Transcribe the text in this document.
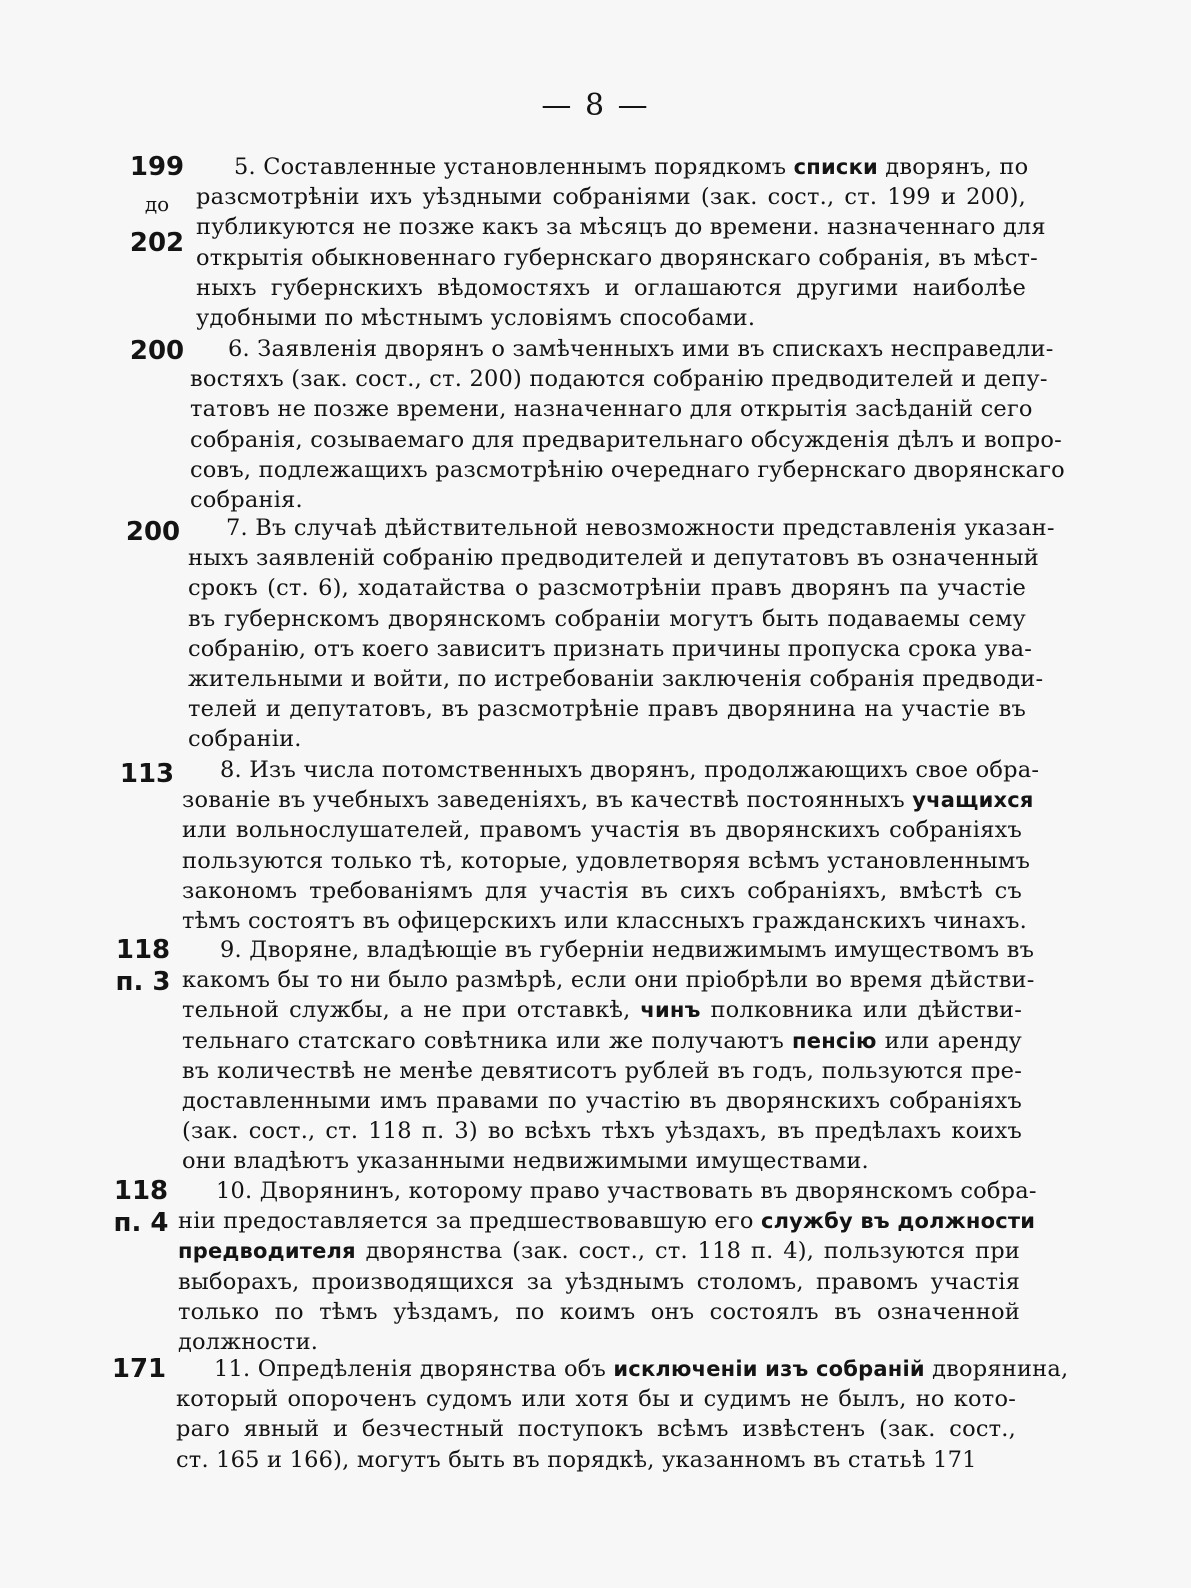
— 8 —
199
до
202
5. Составленные установленнымъ порядкомъ списки дворянъ, по
разсмотрѣніи ихъ уѣздными собраніями (зак. сост., ст. 199 и 200),
публикуются не позже какъ за мѣсяцъ до времени. назначеннаго для
открытія обыкновеннаго губернскаго дворянскаго собранія, въ мѣст-
ныхъ губернскихъ вѣдомостяхъ и оглашаются другими наиболѣе
удобными по мѣстнымъ условіямъ способами.
200	6. Заявленія дворянъ о замѣченныхъ ими въ спискахъ несправедли-
востяхъ (зак. сост., ст. 200) подаются собранію предводителей и депу-
татовъ не позже времени, назначеннаго для открытія засѣданій сего
собранія, созываемаго для предварительнаго обсужденія дѣлъ и вопро-
совъ, подлежащихъ разсмотрѣнію очереднаго губернскаго дворянскаго
собранія.
200	7. Въ случаѣ дѣйствительной невозможности представленія указан-
ныхъ заявленій собранію предводителей и депутатовъ въ означенный
срокъ (ст. 6), ходатайства о разсмотрѣніи правъ дворянъ па участіе
въ губернскомъ дворянскомъ собраніи могутъ быть подаваемы сему
собранію, отъ коего зависитъ признать причины пропуска срока ува-
жительными и войти, по истребованіи заключенія собранія предводи-
телей и депутатовъ, въ разсмотрѣніе правъ дворянина на участіе въ
собраніи.
113	8. Изъ числа потомственныхъ дворянъ, продолжающихъ свое обра-
зованіе въ учебныхъ заведеніяхъ, въ качествѣ постоянныхъ учащихся
или вольнослушателей, правомъ участія въ дворянскихъ собраніяхъ
пользуются только тѣ, которые, удовлетворяя всѣмъ установленнымъ
закономъ требованіямъ для участія въ сихъ собраніяхъ, вмѣстѣ съ
тѣмъ состоятъ въ офицерскихъ или классныхъ гражданскихъ чинахъ.
118
п. 3
9. Дворяне, владѣющіе въ губерніи недвижимымъ имуществомъ въ
какомъ бы то ни было размѣрѣ, если они пріобрѣли во время дѣйстви-
тельной службы, а не при отставкѣ, чинъ полковника или дѣйстви-
тельнаго статскаго совѣтника или же получаютъ пенсію или аренду
въ количествѣ не менѣе девятисотъ рублей въ годъ, пользуются пре-
доставленными имъ правами по участію въ дворянскихъ собраніяхъ
(зак. сост., ст. 118 п. 3) во всѣхъ тѣхъ уѣздахъ, въ предѣлахъ коихъ
они владѣютъ указанными недвижимыми имуществами.
118
п. 4
10. Дворянинъ, которому право участвовать въ дворянскомъ собра-
ніи предоставляется за предшествовавшую его службу въ должности
предводителя дворянства (зак. сост., ст. 118 п. 4), пользуются при
выборахъ, производящихся за уѣзднымъ столомъ, правомъ участія
только по тѣмъ уѣздамъ, по коимъ онъ состоялъ въ означенной
должности.
171	11. Опредѣленія дворянства объ исключеніи изъ собраній дворянина,
который опороченъ судомъ или хотя бы и судимъ не былъ, но кото-
раго явный и безчестный поступокъ всѣмъ извѣстенъ (зак. сост.,
ст. 165 и 166), могутъ быть въ порядкѣ, указанномъ въ статьѣ 171
